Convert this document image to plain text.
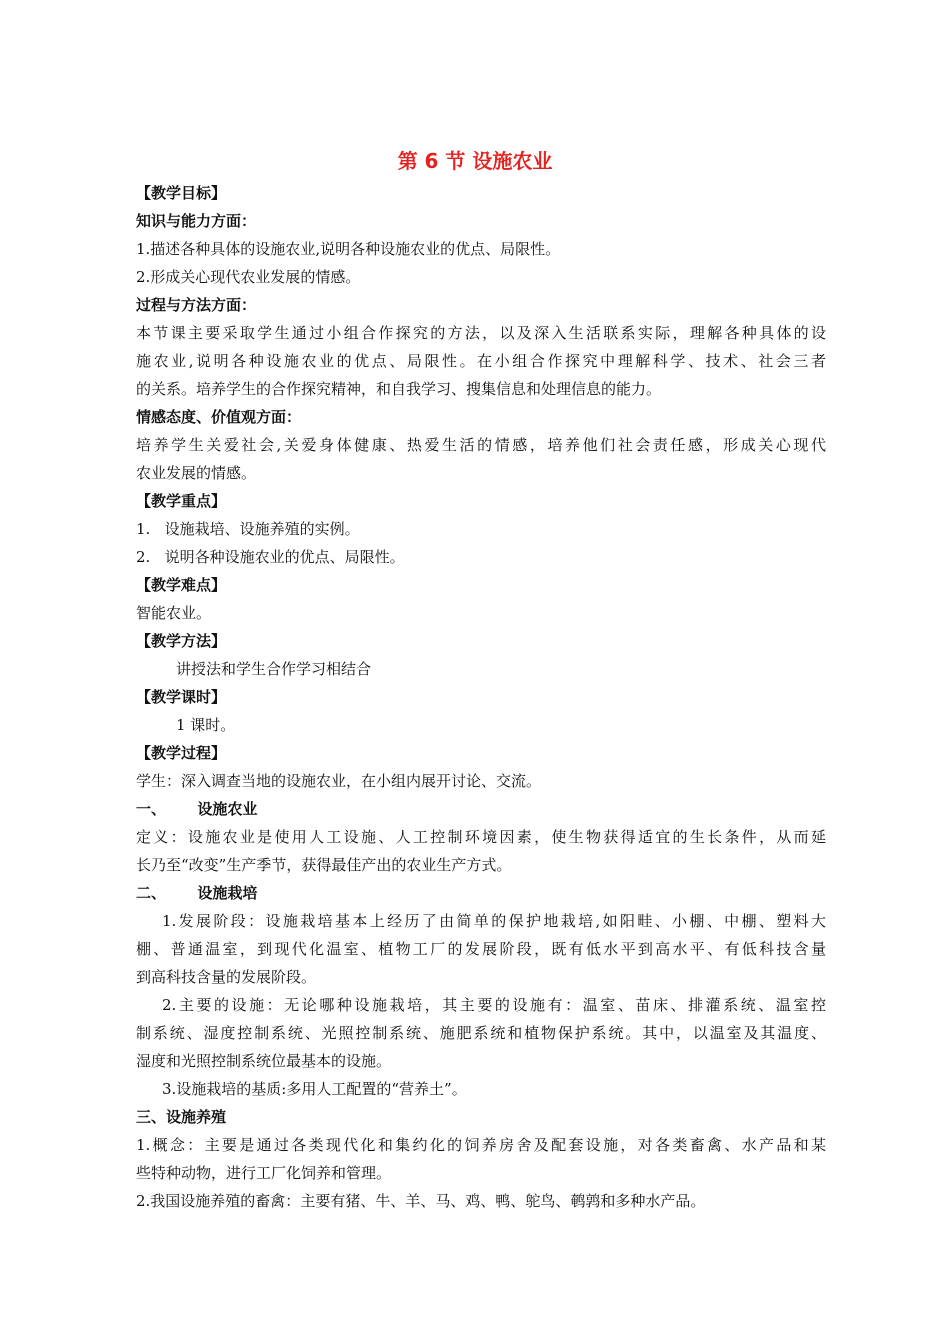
第 6 节 设施农业
【教学目标】
知识与能力方面：
1.描述各种具体的设施农业,说明各种设施农业的优点、局限性。
2.形成关心现代农业发展的情感。
过程与方法方面：
本节课主要采取学生通过小组合作探究的方法，以及深入生活联系实际，理解各种具体的设
施农业,说明各种设施农业的优点、局限性。在小组合作探究中理解科学、技术、社会三者
的关系。培养学生的合作探究精神，和自我学习、搜集信息和处理信息的能力。
情感态度、价值观方面：
培养学生关爱社会,关爱身体健康、热爱生活的情感，培养他们社会责任感，形成关心现代
农业发展的情感。
【教学重点】
1.   设施栽培、设施养殖的实例。
2.   说明各种设施农业的优点、局限性。
【教学难点】
智能农业。
【教学方法】
讲授法和学生合作学习相结合
【教学课时】
1 课时。
【教学过程】
学生：深入调查当地的设施农业，在小组内展开讨论、交流。
一、      设施农业
定义：设施农业是使用人工设施、人工控制环境因素，使生物获得适宜的生长条件，从而延
长乃至“改变”生产季节，获得最佳产出的农业生产方式。
二、      设施栽培
1.发展阶段：设施栽培基本上经历了由简单的保护地栽培,如阳畦、小棚、中棚、塑料大
棚、普通温室，到现代化温室、植物工厂的发展阶段，既有低水平到高水平、有低科技含量
到高科技含量的发展阶段。
2.主要的设施：无论哪种设施栽培，其主要的设施有：温室、苗床、排灌系统、温室控
制系统、湿度控制系统、光照控制系统、施肥系统和植物保护系统。其中，以温室及其温度、
湿度和光照控制系统位最基本的设施。
3.设施栽培的基质:多用人工配置的“营养土”。
三、设施养殖
1.概念：主要是通过各类现代化和集约化的饲养房舍及配套设施，对各类畜禽、水产品和某
些特种动物，进行工厂化饲养和管理。
2.我国设施养殖的畜禽：主要有猪、牛、羊、马、鸡、鸭、鸵鸟、鹌鹑和多种水产品。
